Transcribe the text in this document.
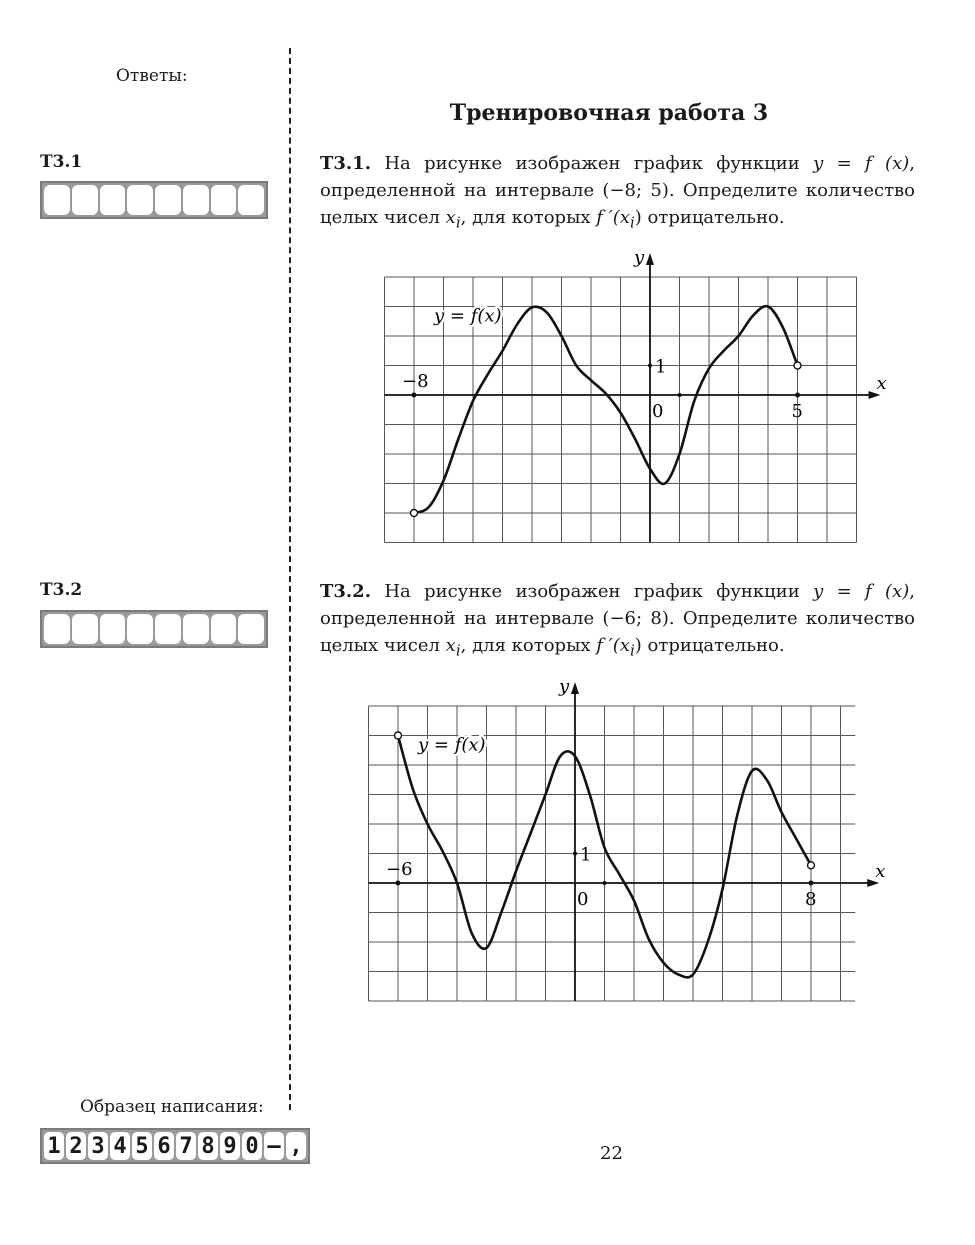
Ответы:
Т3.1
Т3.2
Тренировочная работа 3
Т3.1. На рисунке изображен график функции y = f (x), определенной на интервале (−8; 5). Определите количество целых чисел $x_i$, для которых f $'(x_i)$ отрицательно.
Т3.2. На рисунке изображен график функции y = f (x), определенной на интервале (−6; 8). Определите количество целых чисел $x_i$, для которых f $'(x_i)$ отрицательно.
x
y
−8
5
0
1
y = f(x)
x
y
−6
8
0
1
y = f(x)
Образец написания:
1 2 3 4 5 6 7 8 9 0 – ,	22
